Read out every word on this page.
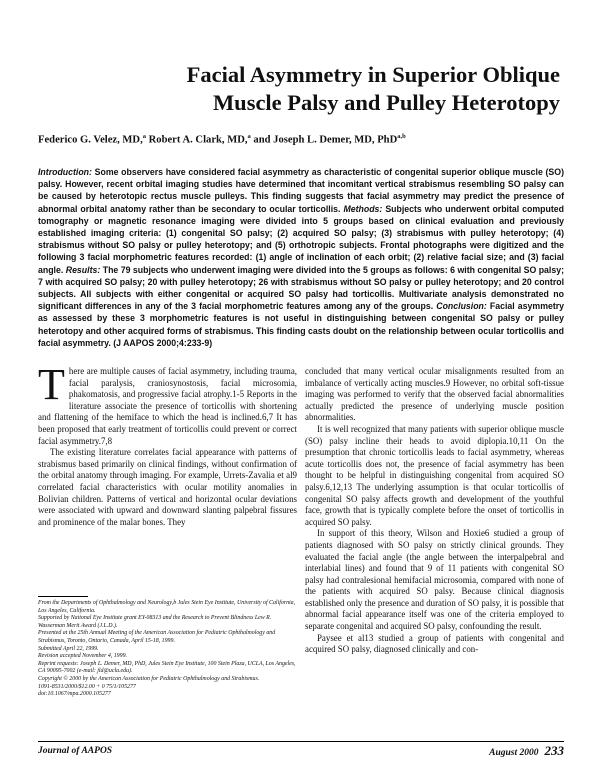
Facial Asymmetry in Superior Oblique
Muscle Palsy and Pulley Heterotopy
Federico G. Velez, MD,$^a$ Robert A. Clark, MD,$^a$ and Joseph L. Demer, MD, PhD$^{a,b}$
Introduction: Some observers have considered facial asymmetry as characteristic of congenital superior oblique muscle (SO) palsy. However, recent orbital imaging studies have determined that incomitant vertical strabismus resembling SO palsy can be caused by heterotopic rectus muscle pulleys. This finding suggests that facial asymmetry may predict the presence of abnormal orbital anatomy rather than be secondary to ocular torticollis. Methods: Subjects who underwent orbital computed tomography or magnetic resonance imaging were divided into 5 groups based on clinical evaluation and previously established imaging criteria: (1) congenital SO palsy; (2) acquired SO palsy; (3) strabismus with pulley heterotopy; (4) strabismus without SO palsy or pulley heterotopy; and (5) orthotropic subjects. Frontal photographs were digitized and the following 3 facial morphometric features recorded: (1) angle of inclination of each orbit; (2) relative facial size; and (3) facial angle. Results: The 79 subjects who underwent imaging were divided into the 5 groups as follows: 6 with congenital SO palsy; 7 with acquired SO palsy; 20 with pulley heterotopy; 26 with strabismus without SO palsy or pulley heterotopy; and 20 control subjects. All subjects with either congenital or acquired SO palsy had torticollis. Multivariate analysis demonstrated no significant differences in any of the 3 facial morphometric features among any of the groups. Conclusion: Facial asymmetry as assessed by these 3 morphometric features is not useful in distinguishing between congenital SO palsy or pulley heterotopy and other acquired forms of strabismus. This finding casts doubt on the relationship between ocular torticollis and facial asymmetry. (J AAPOS 2000;4:233-9)

There are multiple causes of facial asymmetry, including trauma, facial paralysis, craniosynostosis, facial microsomia, phakomatosis, and progressive facial atrophy.1-5 Reports in the literature associate the presence of torticollis with shortening and flattening of the hemiface to which the head is inclined.6,7 It has been proposed that early treatment of torticollis could prevent or correct facial asymmetry.7,8

The existing literature correlates facial appearance with patterns of strabismus based primarily on clinical findings, without confirmation of the orbital anatomy through imaging. For example, Urrets-Zavalia et al9 correlated facial characteristics with ocular motility anomalies in Bolivian children. Patterns of vertical and horizontal ocular deviations were associated with upward and downward slanting palpebral fissures and prominence of the malar bones. They

From the Departments of Ophthalmology and Neurology,b Jules Stein Eye Institute, University of California, Los Angeles, California.
Supported by National Eye Institute grant EY-08313 and the Research to Prevent Blindness Lew R. Wasserman Merit Award (J.L.D.).
Presented at the 25th Annual Meeting of the American Association for Pediatric Ophthalmology and Strabismus, Toronto, Ontario, Canada, April 15-18, 1999.
Submitted April 22, 1999.
Revision accepted November 4, 1999.
Reprint requests: Joseph L. Demer, MD, PhD, Jules Stein Eye Institute, 100 Stein Plaza, UCLA, Los Angeles, CA 90095-7002 (e-mail: jld@ucla.edu).
Copyright © 2000 by the American Association for Pediatric Ophthalmology and Strabismus.
1091-8531/2000/$12.00 + 0 75/1/105277
doi:10.1067/mpa.2000.105277

concluded that many vertical ocular misalignments resulted from an imbalance of vertically acting muscles.9 However, no orbital soft-tissue imaging was performed to verify that the observed facial abnormalities actually predicted the presence of underlying muscle position abnormalities.

It is well recognized that many patients with superior oblique muscle (SO) palsy incline their heads to avoid diplopia.10,11 On the presumption that chronic torticollis leads to facial asymmetry, whereas acute torticollis does not, the presence of facial asymmetry has been thought to be helpful in distinguishing congenital from acquired SO palsy.6,12,13 The underlying assumption is that ocular torticollis of congenital SO palsy affects growth and development of the youthful face, growth that is typically complete before the onset of torticollis in acquired SO palsy.

In support of this theory, Wilson and Hoxie6 studied a group of patients diagnosed with SO palsy on strictly clinical grounds. They evaluated the facial angle (the angle between the interpalpebral and interlabial lines) and found that 9 of 11 patients with congenital SO palsy had contralesional hemifacial microsomia, compared with none of the patients with acquired SO palsy. Because clinical diagnosis established only the presence and duration of SO palsy, it is possible that abnormal facial appearance itself was one of the criteria employed to separate congenital and acquired SO palsy, confounding the result.

Paysee et al13 studied a group of patients with congenital and acquired SO palsy, diagnosed clinically and con-

Journal of AAPOS	August 2000 233
